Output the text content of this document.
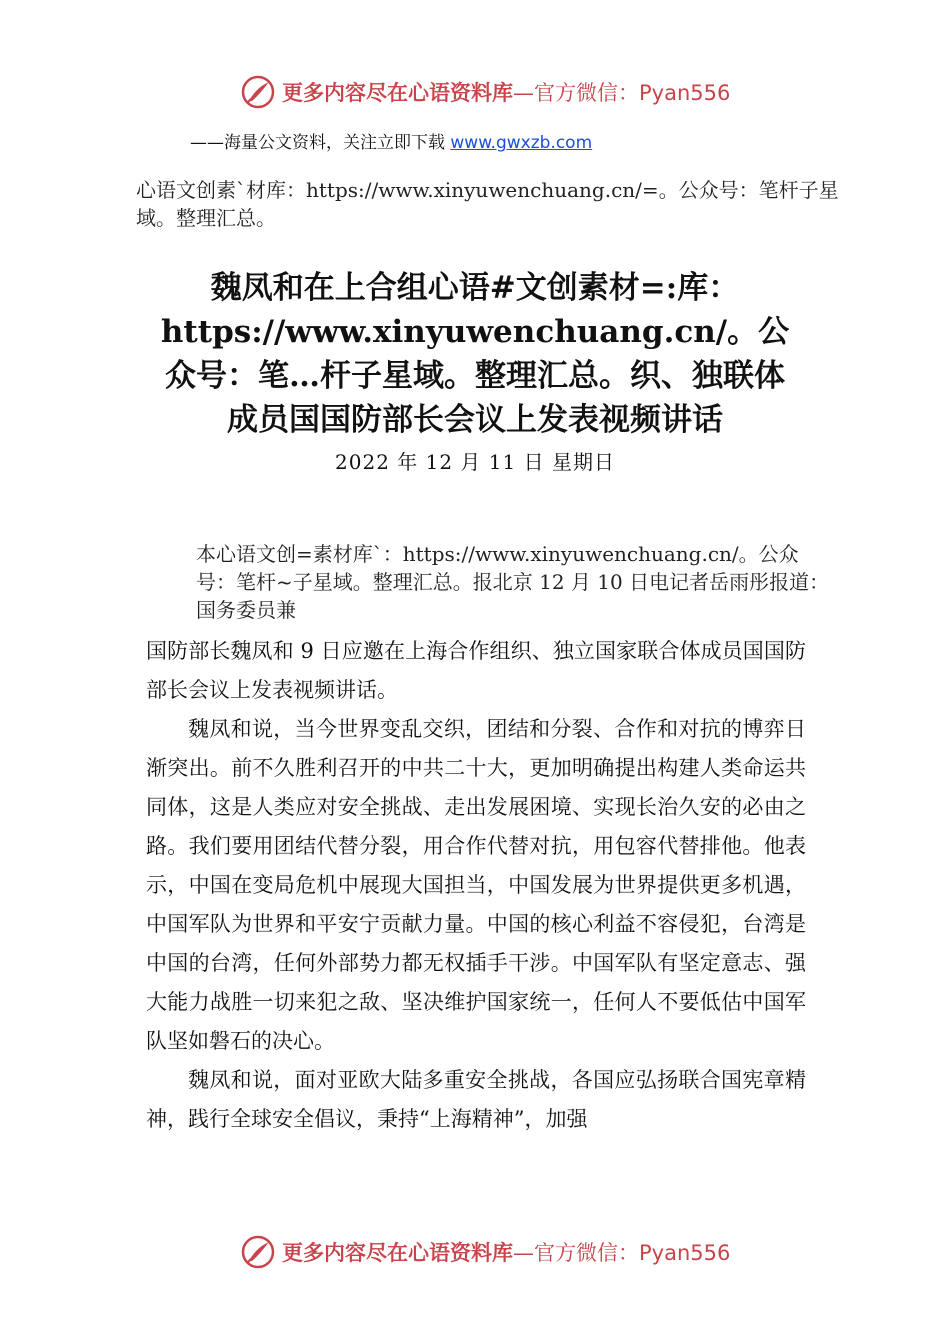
更多内容尽在心语资料库—官方微信：Pyan556
——海量公文资料，关注立即下载 www.gwxzb.com
心语文创素`材库：https://www.xinyuwenchuang.cn/=。公众号：笔杆子星域。整理汇总。
魏凤和在上合组心语#文创素材=:库：https://www.xinyuwenchuang.cn/。公众号：笔…杆子星域。整理汇总。织、独联体成员国国防部长会议上发表视频讲话
2022 年 12 月 11 日 星期日
本心语文创=素材库`：https://www.xinyuwenchuang.cn/。公众号：笔杆~子星域。整理汇总。报北京 12 月 10 日电记者岳雨彤报道：国务委员兼

国防部长魏凤和 9 日应邀在上海合作组织、独立国家联合体成员国国防部长会议上发表视频讲话。

魏凤和说，当今世界变乱交织，团结和分裂、合作和对抗的博弈日渐突出。前不久胜利召开的中共二十大，更加明确提出构建人类命运共同体，这是人类应对安全挑战、走出发展困境、实现长治久安的必由之路。我们要用团结代替分裂，用合作代替对抗，用包容代替排他。他表示，中国在变局危机中展现大国担当，中国发展为世界提供更多机遇，中国军队为世界和平安宁贡献力量。中国的核心利益不容侵犯，台湾是中国的台湾，任何外部势力都无权插手干涉。中国军队有坚定意志、强大能力战胜一切来犯之敌、坚决维护国家统一，任何人不要低估中国军队坚如磐石的决心。

魏凤和说，面对亚欧大陆多重安全挑战，各国应弘扬联合国宪章精神，践行全球安全倡议，秉持“上海精神”，加强

更多内容尽在心语资料库—官方微信：Pyan556
